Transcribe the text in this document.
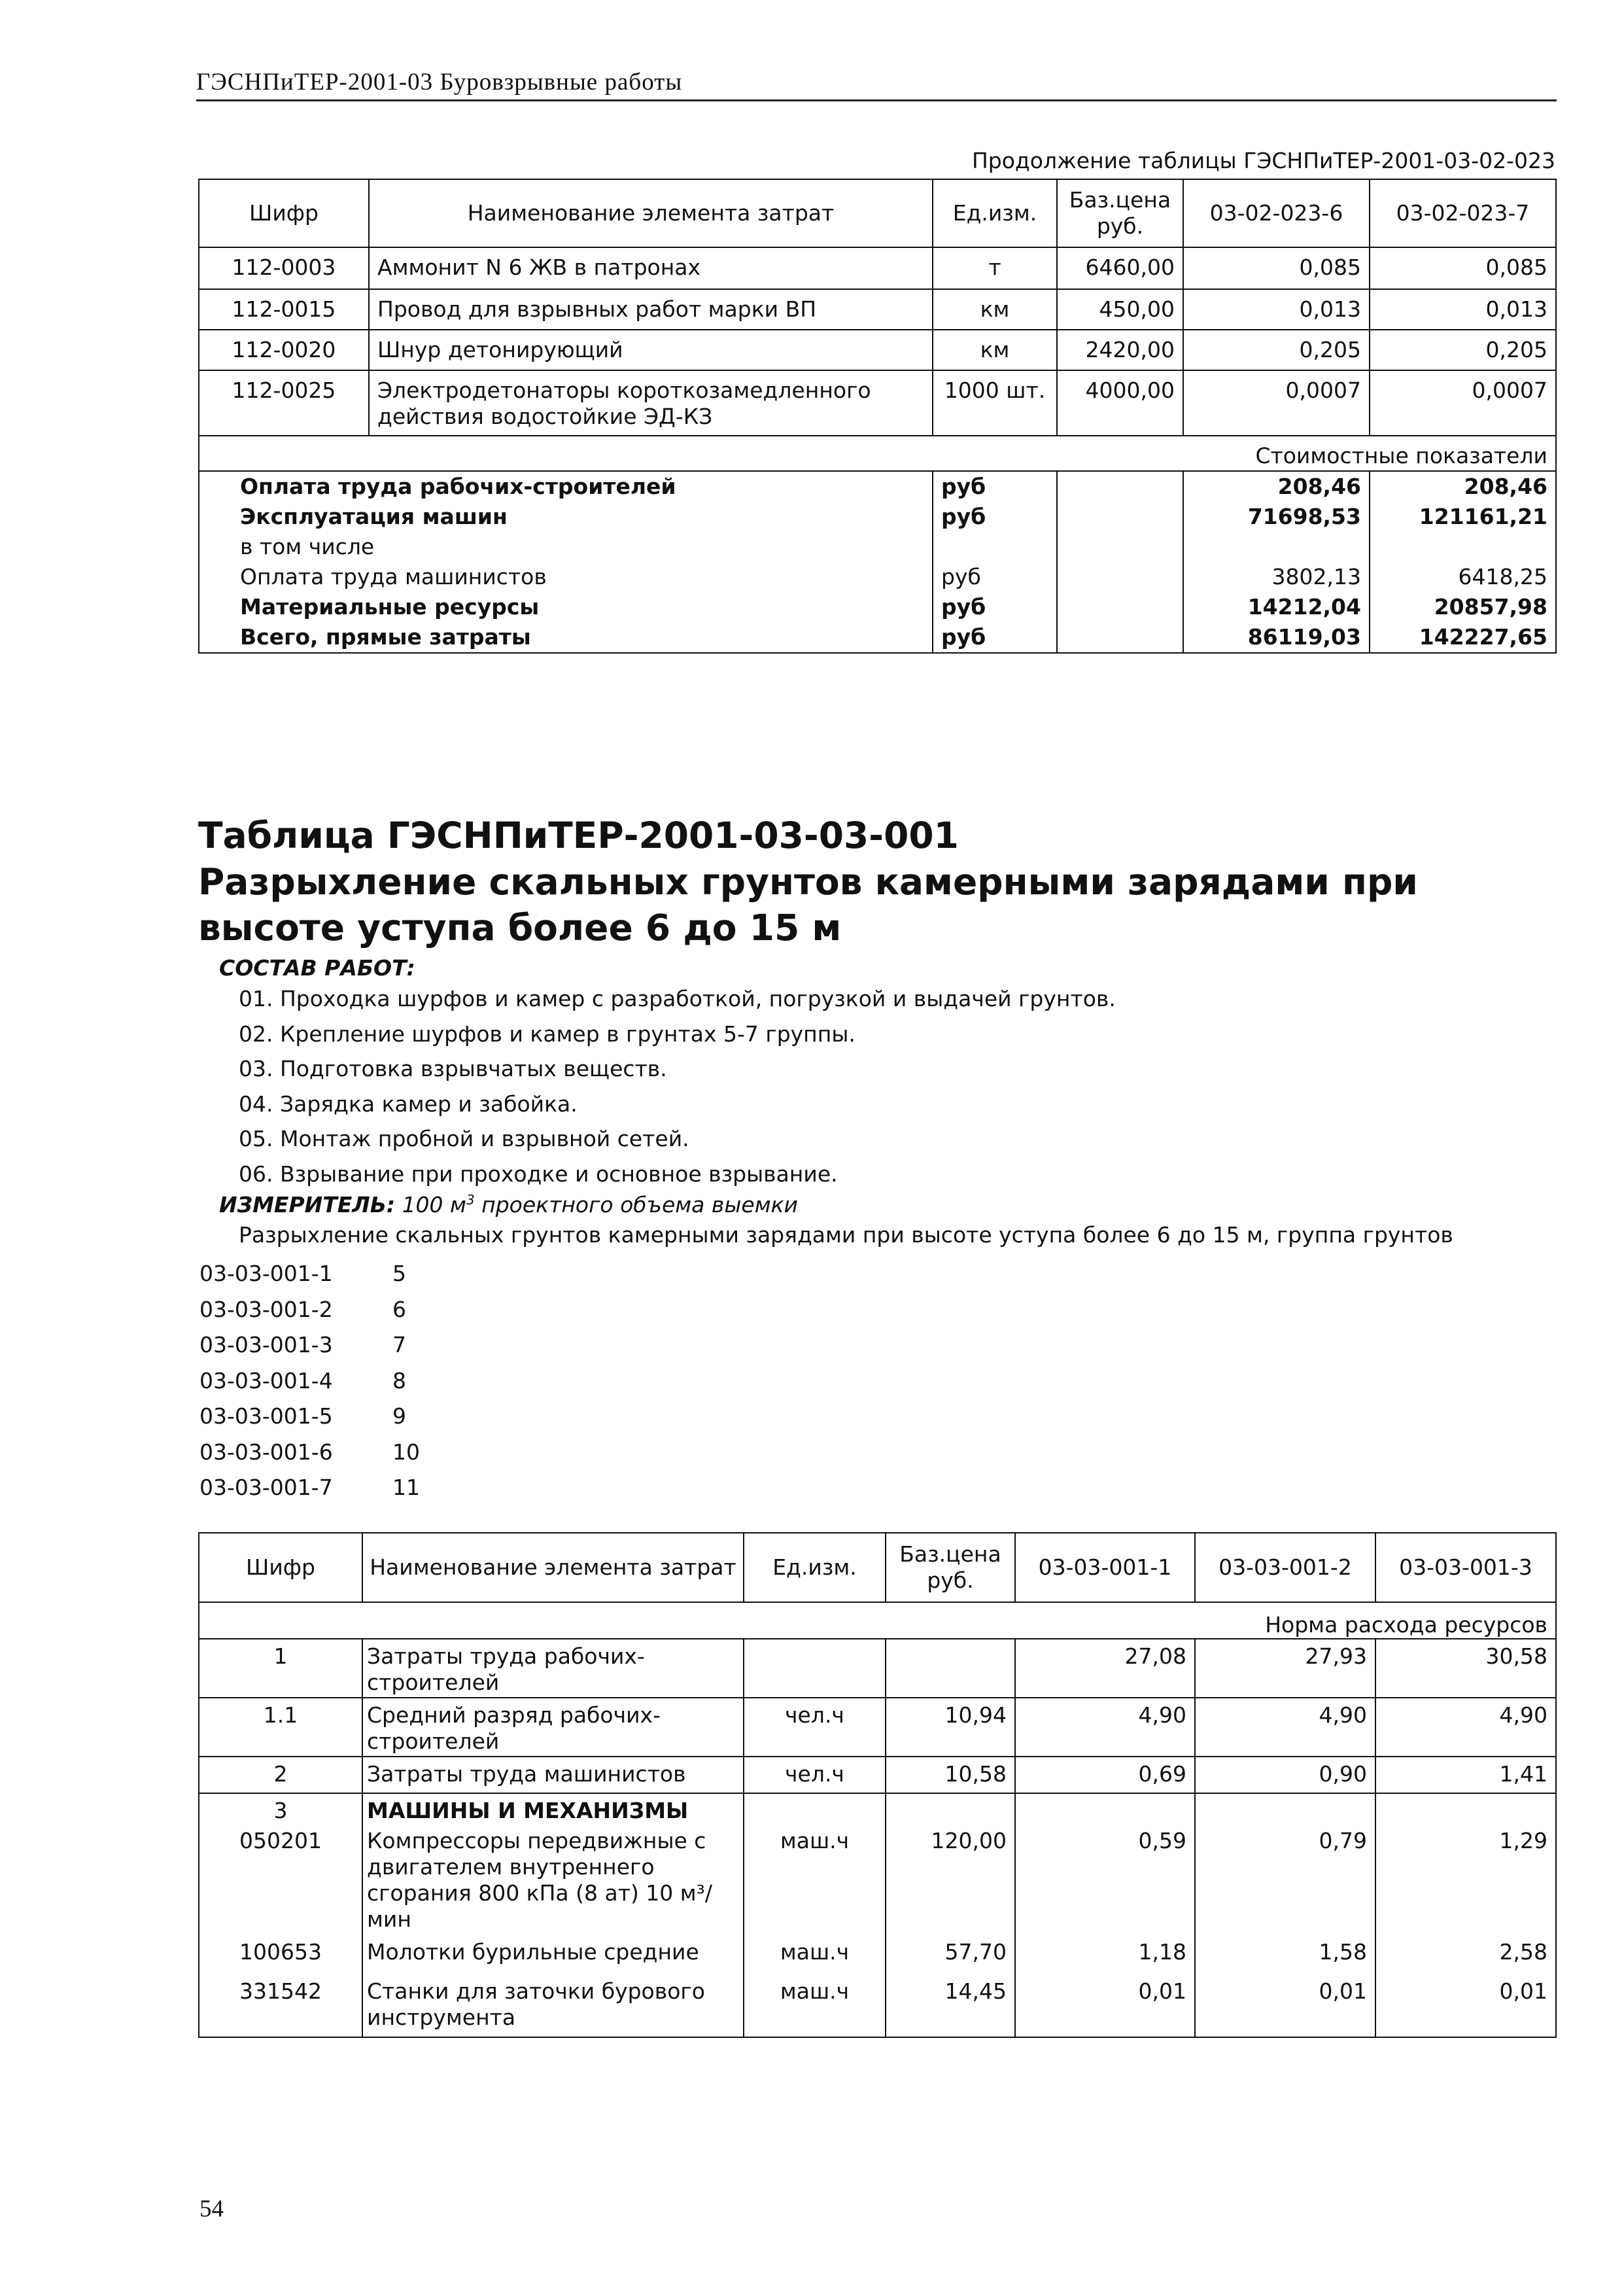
ГЭСНПиТЕР-2001-03 Буровзрывные работы
Продолжение таблицы ГЭСНПиТЕР-2001-03-02-023
Шифр	Наименование элемента затрат	Ед.изм.	Баз.цена руб.	03-02-023-6	03-02-023-7
112-0003	Аммонит N 6 ЖВ в патронах	т	6460,00	0,085	0,085
112-0015	Провод для взрывных работ марки ВП	км	450,00	0,013	0,013
112-0020	Шнур детонирующий	км	2420,00	0,205	0,205
112-0025	Электродетонаторы короткозамедленного действия водостойкие ЭД-КЗ	1000 шт.	4000,00	0,0007	0,0007
Стоимостные показатели					
Оплата труда рабочих-строителей		руб		208,46	208,46
Эксплуатация машин		руб		71698,53	121161,21
в том числе					
Оплата труда машинистов		руб		3802,13	6418,25
Материальные ресурсы		руб		14212,04	20857,98
Всего, прямые затраты		руб		86119,03	142227,65
Таблица ГЭСНПиТЕР-2001-03-03-001
Разрыхление скальных грунтов камерными зарядами при высоте уступа более 6 до 15 м
СОСТАВ РАБОТ:
01. Проходка шурфов и камер с разработкой, погрузкой и выдачей грунтов.
02. Крепление шурфов и камер в грунтах 5-7 группы.
03. Подготовка взрывчатых веществ.
04. Зарядка камер и забойка.
05. Монтаж пробной и взрывной сетей.
06. Взрывание при проходке и основное взрывание.
ИЗМЕРИТЕЛЬ: 100 $м^3$ проектного объема выемки
Разрыхление скальных грунтов камерными зарядами при высоте уступа более 6 до 15 м, группа грунтов
03-03-001-1	5
03-03-001-2	6
03-03-001-3	7
03-03-001-4	8
03-03-001-5	9
03-03-001-6	10
03-03-001-7	11
Шифр	Наименование элемента затрат	Ед.изм.	Баз.цена руб.	03-03-001-1	03-03-001-2	03-03-001-3
Норма расхода ресурсов						
1	Затраты труда рабочих-строителей			27,08	27,93	30,58
1.1	Средний разряд рабочих-строителей	чел.ч	10,94	4,90	4,90	4,90
2	Затраты труда машинистов	чел.ч	10,58	0,69	0,90	1,41
3	МАШИНЫ И МЕХАНИЗМЫ					
050201	Компрессоры передвижные с двигателем внутреннего сгорания 800 кПа (8 ат) 10 м³/мин	маш.ч	120,00	0,59	0,79	1,29
100653	Молотки бурильные средние	маш.ч	57,70	1,18	1,58	2,58
331542	Станки для заточки бурового инструмента	маш.ч	14,45	0,01	0,01	0,01
54
